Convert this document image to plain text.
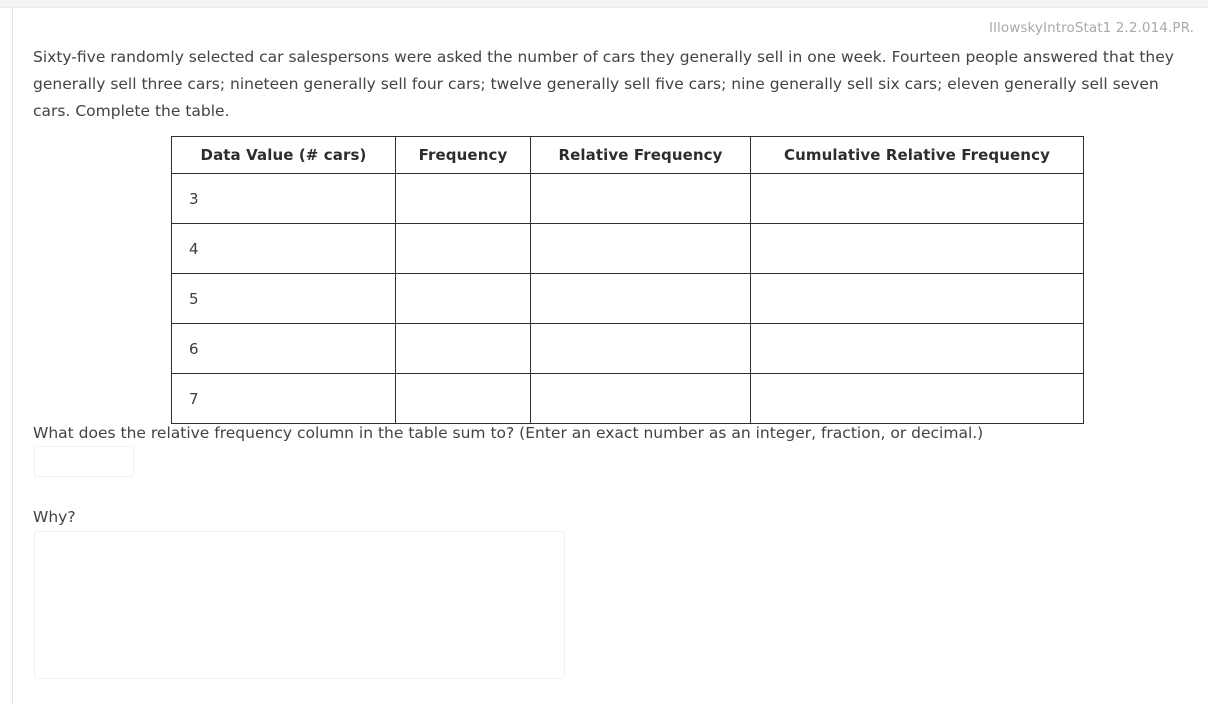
IllowskyIntroStat1 2.2.014.PR.
Sixty-five randomly selected car salespersons were asked the number of cars they generally sell in one week. Fourteen people answered that they generally sell three cars; nineteen generally sell four cars; twelve generally sell five cars; nine generally sell six cars; eleven generally sell seven cars. Complete the table.
Data Value (# cars)	Frequency	Relative Frequency	Cumulative Relative Frequency
3			
4			
5			
6			
7			
What does the relative frequency column in the table sum to? (Enter an exact number as an integer, fraction, or decimal.)
Why?
